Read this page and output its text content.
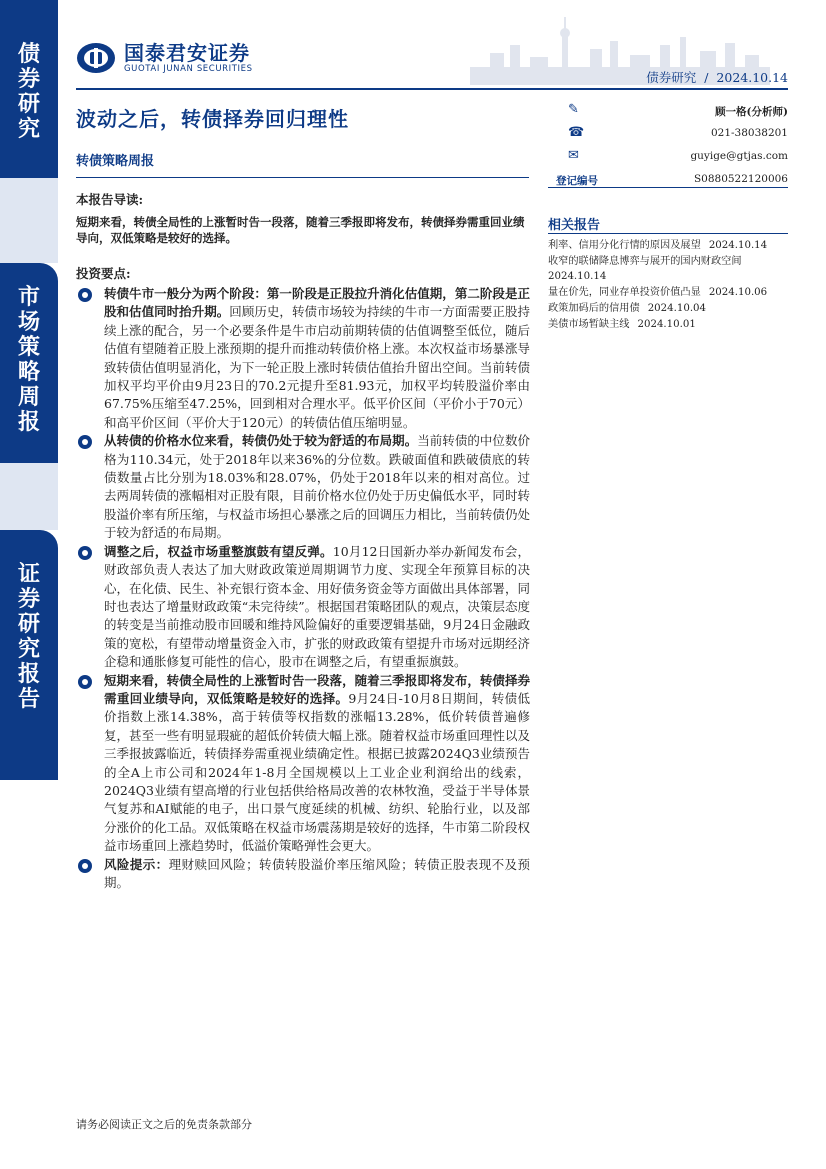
债
券
研
究
市
场
策
略
周
报
证
券
研
究
报
告
国泰君安证券
GUOTAI JUNAN SECURITIES
债券研究 / 2024.10.14
波动之后，转债择券回归理性
转债策略周报
✎	顾一格(分析师)
☎	021-38038201
✉	guyige@gtjas.com
登记编号	S0880522120006
相关报告
利率、信用分化行情的原因及展望 2024.10.14
收窄的联储降息博弈与展开的国内财政空间
2024.10.14
量在价先，同业存单投资价值凸显 2024.10.06
政策加码后的信用债 2024.10.04
美债市场暂缺主线 2024.10.01
本报告导读:
短期来看，转债全局性的上涨暂时告一段落，随着三季报即将发布，转债择券需重回业绩导向，双低策略是较好的选择。
投资要点:
转债牛市一般分为两个阶段：第一阶段是正股拉升消化估值期，第二阶段是正股和估值同时抬升期。回顾历史，转债市场较为持续的牛市一方面需要正股持续上涨的配合，另一个必要条件是牛市启动前期转债的估值调整至低位，随后估值有望随着正股上涨预期的提升而推动转债价格上涨。本次权益市场暴涨导致转债估值明显消化，为下一轮正股上涨时转债估值抬升留出空间。当前转债加权平均平价由9月23日的70.2元提升至81.93元，加权平均转股溢价率由67.75%压缩至47.25%，回到相对合理水平。低平价区间（平价小于70元）和高平价区间（平价大于120元）的转债估值压缩明显。
从转债的价格水位来看，转债仍处于较为舒适的布局期。当前转债的中位数价格为110.34元，处于2018年以来36%的分位数。跌破面值和跌破债底的转债数量占比分别为18.03%和28.07%，仍处于2018年以来的相对高位。过去两周转债的涨幅相对正股有限，目前价格水位仍处于历史偏低水平，同时转股溢价率有所压缩，与权益市场担心暴涨之后的回调压力相比，当前转债仍处于较为舒适的布局期。
调整之后，权益市场重整旗鼓有望反弹。10月12日国新办举办新闻发布会，财政部负责人表达了加大财政政策逆周期调节力度、实现全年预算目标的决心，在化债、民生、补充银行资本金、用好债务资金等方面做出具体部署，同时也表达了增量财政政策“未完待续”。根据国君策略团队的观点，决策层态度的转变是当前推动股市回暖和维持风险偏好的重要逻辑基础，9月24日金融政策的宽松，有望带动增量资金入市，扩张的财政政策有望提升市场对远期经济企稳和通胀修复可能性的信心，股市在调整之后，有望重振旗鼓。
短期来看，转债全局性的上涨暂时告一段落，随着三季报即将发布，转债择券需重回业绩导向，双低策略是较好的选择。9月24日-10月8日期间，转债低价指数上涨14.38%，高于转债等权指数的涨幅13.28%，低价转债普遍修复，甚至一些有明显瑕疵的超低价转债大幅上涨。随着权益市场重回理性以及三季报披露临近，转债择券需重视业绩确定性。根据已披露2024Q3业绩预告的全A上市公司和2024年1-8月全国规模以上工业企业利润给出的线索，2024Q3业绩有望高增的行业包括供给格局改善的农林牧渔，受益于半导体景气复苏和AI赋能的电子，出口景气度延续的机械、纺织、轮胎行业，以及部分涨价的化工品。双低策略在权益市场震荡期是较好的选择，牛市第二阶段权益市场重回上涨趋势时，低溢价策略弹性会更大。
风险提示：理财赎回风险；转债转股溢价率压缩风险；转债正股表现不及预期。
请务必阅读正文之后的免责条款部分
